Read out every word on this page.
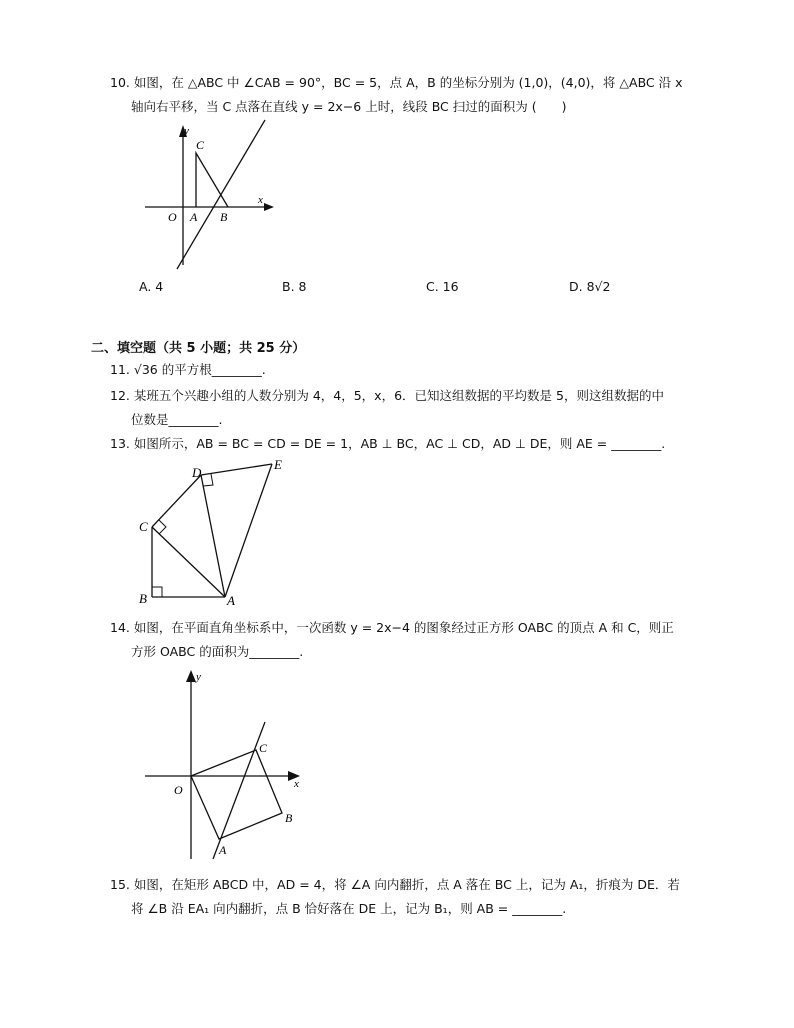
10. 如图，在 △ABC 中 ∠CAB = 90°，BC = 5，点 A，B 的坐标分别为 (1,0)，(4,0)，将 △ABC 沿 x
轴向右平移，当 C 点落在直线 y = 2x−6 上时，线段 BC 扫过的面积为 (　　)
y
x
O A B
C
A. 4	B. 8	C. 16	D. 8√2
二、填空题（共 5 小题；共 25 分）
11. √36 的平方根________.
12. 某班五个兴趣小组的人数分别为 4，4，5，x，6．已知这组数据的平均数是 5，则这组数据的中
位数是________.
13. 如图所示，AB = BC = CD = DE = 1，AB ⊥ BC，AC ⊥ CD，AD ⊥ DE，则 AE = ________.
A
B
C
D
E
14. 如图，在平面直角坐标系中，一次函数 y = 2x−4 的图象经过正方形 OABC 的顶点 A 和 C，则正
方形 OABC 的面积为________.
y
x
O
A
B
C
15. 如图，在矩形 ABCD 中，AD = 4，将 ∠A 向内翻折，点 A 落在 BC 上，记为 A₁，折痕为 DE．若
将 ∠B 沿 EA₁ 向内翻折，点 B 恰好落在 DE 上，记为 B₁，则 AB = ________.
